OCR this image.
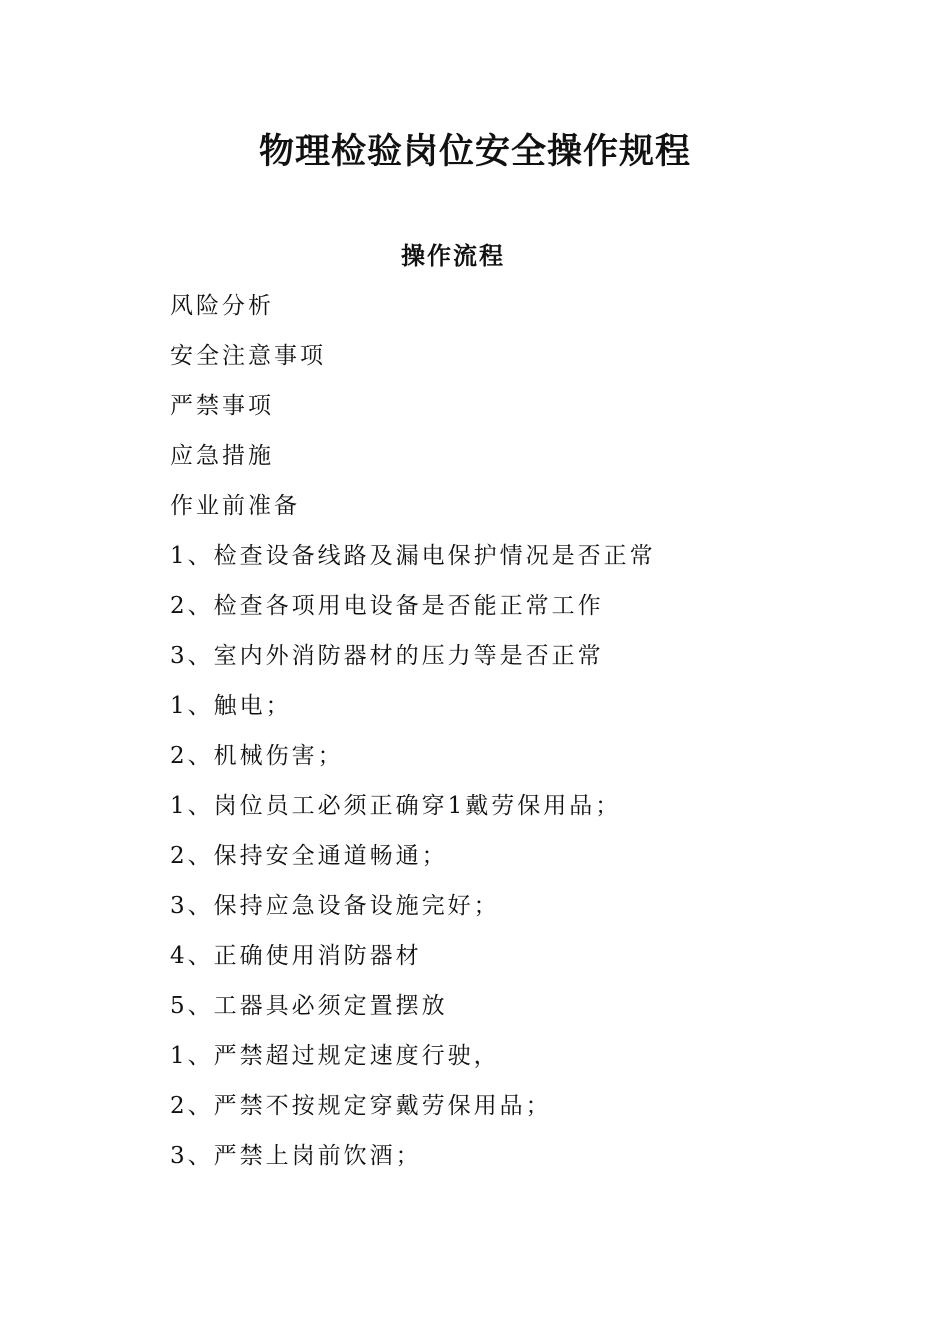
物理检验岗位安全操作规程
操作流程
风险分析
安全注意事项
严禁事项
应急措施
作业前准备
1、检查设备线路及漏电保护情况是否正常
2、检查各项用电设备是否能正常工作
3、室内外消防器材的压力等是否正常
1、触电；
2、机械伤害；
1、岗位员工必须正确穿1戴劳保用品；
2、保持安全通道畅通；
3、保持应急设备设施完好；
4、正确使用消防器材
5、工器具必须定置摆放
1、严禁超过规定速度行驶，
2、严禁不按规定穿戴劳保用品；
3、严禁上岗前饮酒；
